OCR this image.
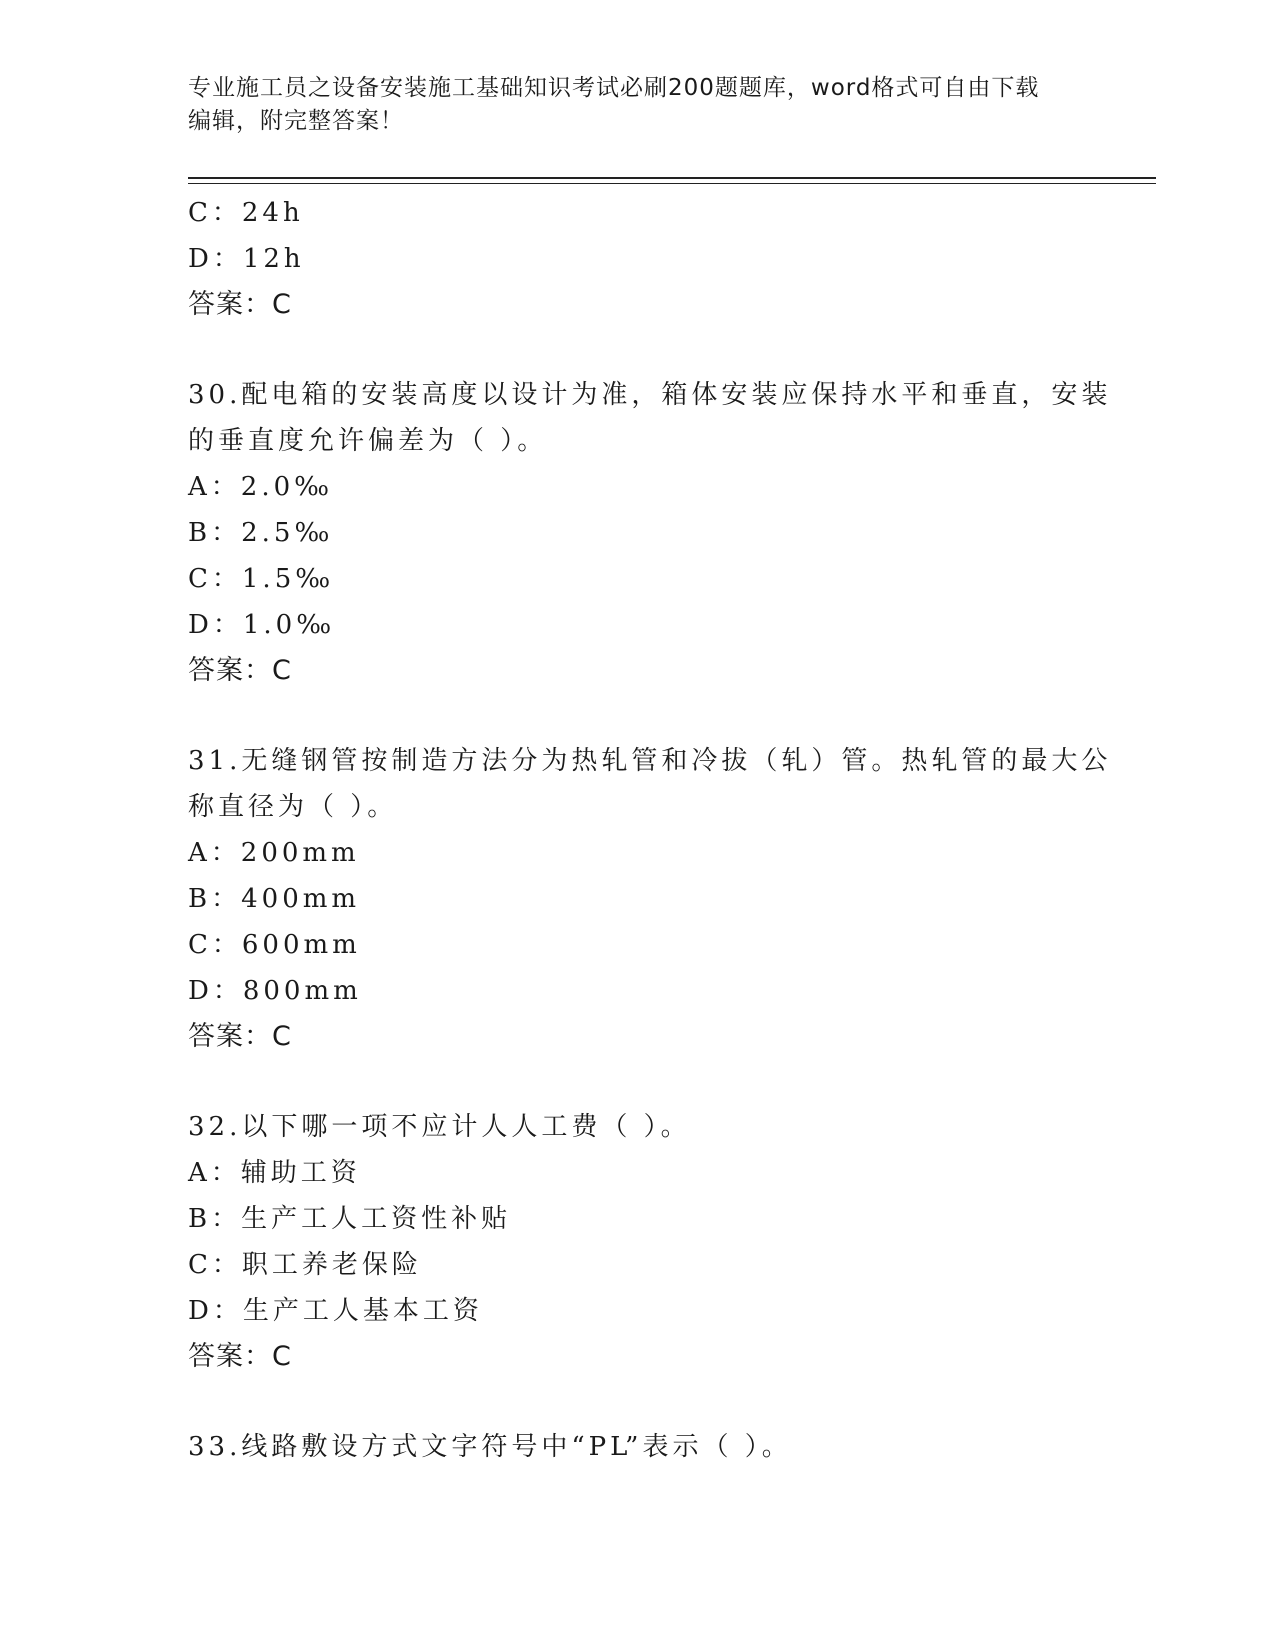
专业施工员之设备安装施工基础知识考试必刷200题题库，word格式可自由下载
编辑，附完整答案！
C：24h
D：12h
答案：C
30.配电箱的安装高度以设计为准，箱体安装应保持水平和垂直，安装
的垂直度允许偏差为（ ）。
A：2.0‰
B：2.5‰
C：1.5‰
D：1.0‰
答案：C
31.无缝钢管按制造方法分为热轧管和冷拔（轧）管。热轧管的最大公
称直径为（ ）。
A：200mm
B：400mm
C：600mm
D：800mm
答案：C
32.以下哪一项不应计人人工费（ ）。
A：辅助工资
B：生产工人工资性补贴
C：职工养老保险
D：生产工人基本工资
答案：C
33.线路敷设方式文字符号中“PL”表示（ ）。
